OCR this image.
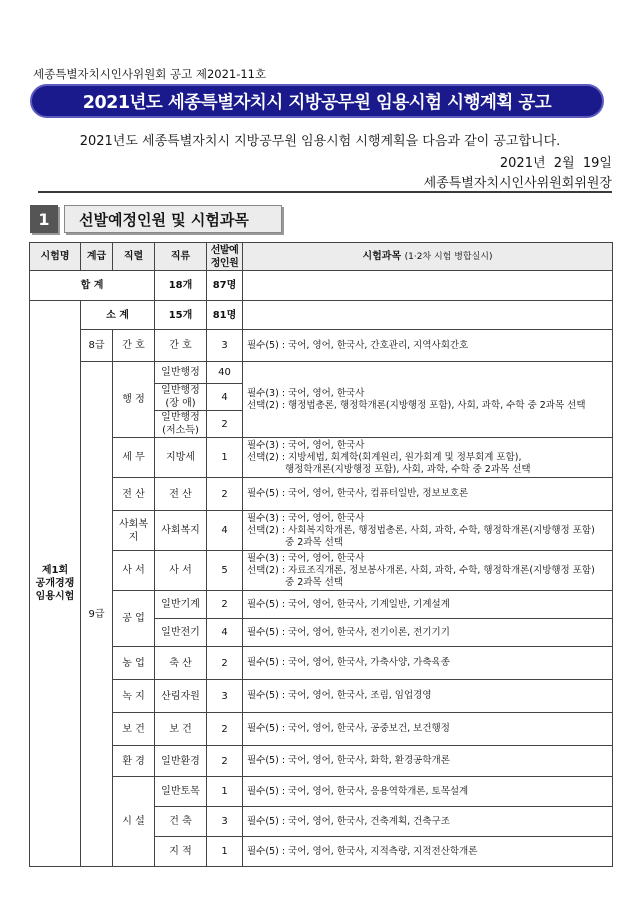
세종특별자치시인사위원회 공고 제2021-11호
2021년도 세종특별자치시 지방공무원 임용시험 시행계획 공고
2021년도 세종특별자치시 지방공무원 임용시험 시행계획을 다음과 같이 공고합니다.
2021년  2월  19일
세종특별자치시인사위원회위원장
1	선발예정인원 및 시험과목
시험명	계급	직렬	직류	선발예정인원	시험과목 (1·2차 시험 병합실시)
합 계			18개	87명	
제1회
공개경쟁
임용시험	소 계		15개	81명	
	8급	간 호	간 호	3	필수(5) : 국어, 영어, 한국사, 간호관리, 지역사회간호
	9급	행 정	일반행정	40	필수(3) : 국어, 영어, 한국사
선택(2) : 행정법총론, 행정학개론(지방행정 포함), 사회, 과학, 수학 중 2과목 선택

			일반행정
(장 애)	4	
			일반행정
(저소득)	2	
		세 무	지방세	1	필수(3) : 국어, 영어, 한국사
선택(2) : 지방세법, 회계학(회계원리, 원가회계 및 정부회계 포함),
행정학개론(지방행정 포함), 사회, 과학, 수학 중 2과목 선택

		전 산	전 산	2	필수(5) : 국어, 영어, 한국사, 컴퓨터일반, 정보보호론
		사회복지	사회복지	4	필수(3) : 국어, 영어, 한국사
선택(2) : 사회복지학개론, 행정법총론, 사회, 과학, 수학, 행정학개론(지방행정 포함)
중 2과목 선택

		사 서	사 서	5	필수(3) : 국어, 영어, 한국사
선택(2) : 자료조직개론, 정보봉사개론, 사회, 과학, 수학, 행정학개론(지방행정 포함)
중 2과목 선택

		공 업	일반기계	2	필수(5) : 국어, 영어, 한국사, 기계일반, 기계설계
			일반전기	4	필수(5) : 국어, 영어, 한국사, 전기이론, 전기기기
		농 업	축 산	2	필수(5) : 국어, 영어, 한국사, 가축사양, 가축육종
		녹 지	산림자원	3	필수(5) : 국어, 영어, 한국사, 조림, 임업경영
		보 건	보 건	2	필수(5) : 국어, 영어, 한국사, 공중보건, 보건행정
		환 경	일반환경	2	필수(5) : 국어, 영어, 한국사, 화학, 환경공학개론
		시 설	일반토목	1	필수(5) : 국어, 영어, 한국사, 응용역학개론, 토목설계
			건 축	3	필수(5) : 국어, 영어, 한국사, 건축계획, 건축구조
			지 적	1	필수(5) : 국어, 영어, 한국사, 지적측량, 지적전산학개론
